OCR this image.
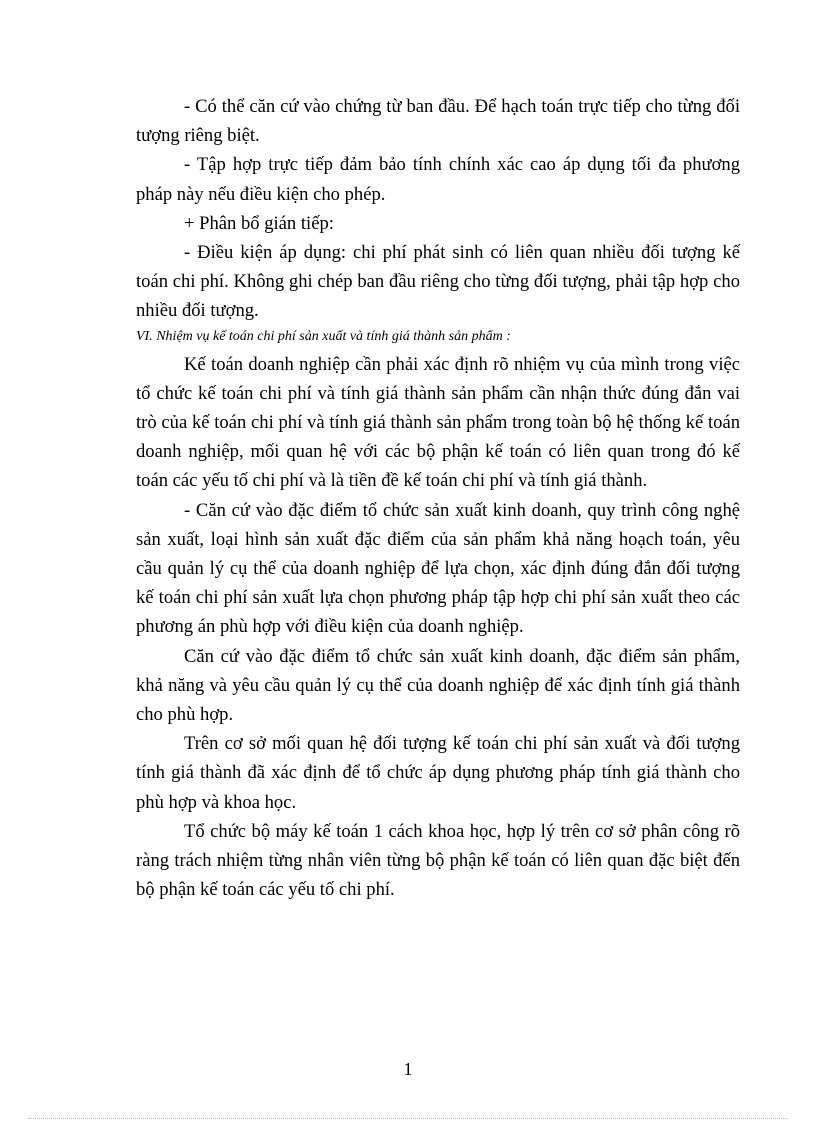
- Có thể căn cứ vào chứng từ ban đầu. Để hạch toán trực tiếp cho từng đối tượng riêng biệt.

- Tập hợp trực tiếp đảm bảo tính chính xác cao áp dụng tối đa phương pháp này nếu điều kiện cho phép.

+ Phân bổ gián tiếp:

- Điều kiện áp dụng: chi phí phát sinh có liên quan nhiều đối tượng kế toán chi phí. Không ghi chép ban đầu riêng cho từng đối tượng, phải tập hợp cho nhiều đối tượng.

VI. Nhiệm vụ kế toán chi phí sản xuất và tính giá thành sản phẩm :

Kế toán doanh nghiệp cần phải xác định rõ nhiệm vụ của mình trong việc tổ chức kế toán chi phí và tính giá thành sản phẩm cần nhận thức đúng đắn vai trò của kế toán chi phí và tính giá thành sản phẩm trong toàn bộ hệ thống kế toán doanh nghiệp, mối quan hệ với các bộ phận kế toán có liên quan trong đó kế toán các yếu tố chi phí và là tiền đề kế toán chi phí và tính giá thành.

- Căn cứ vào đặc điểm tổ chức sản xuất kinh doanh, quy trình công nghệ sản xuất, loại hình sản xuất đặc điểm của sản phẩm khả năng hoạch toán, yêu cầu quản lý cụ thể của doanh nghiệp để lựa chọn, xác định đúng đắn đối tượng kế toán chi phí sản xuất lựa chọn phương pháp tập hợp chi phí sản xuất theo các phương án phù hợp với điều kiện của doanh nghiệp.

Căn cứ vào đặc điểm tổ chức sản xuất kinh doanh, đặc điểm sản phẩm, khả năng và yêu cầu quản lý cụ thể của doanh nghiệp để xác định tính giá thành cho phù hợp.

Trên cơ sở mối quan hệ đối tượng kế toán chi phí sản xuất và đối tượng tính giá thành đã xác định để tổ chức áp dụng phương pháp tính giá thành cho phù hợp và khoa học.

Tổ chức bộ máy kế toán 1 cách khoa học, hợp lý trên cơ sở phân công rõ ràng trách nhiệm từng nhân viên từng bộ phận kế toán có liên quan đặc biệt đến bộ phận kế toán các yếu tố chi phí.

1
